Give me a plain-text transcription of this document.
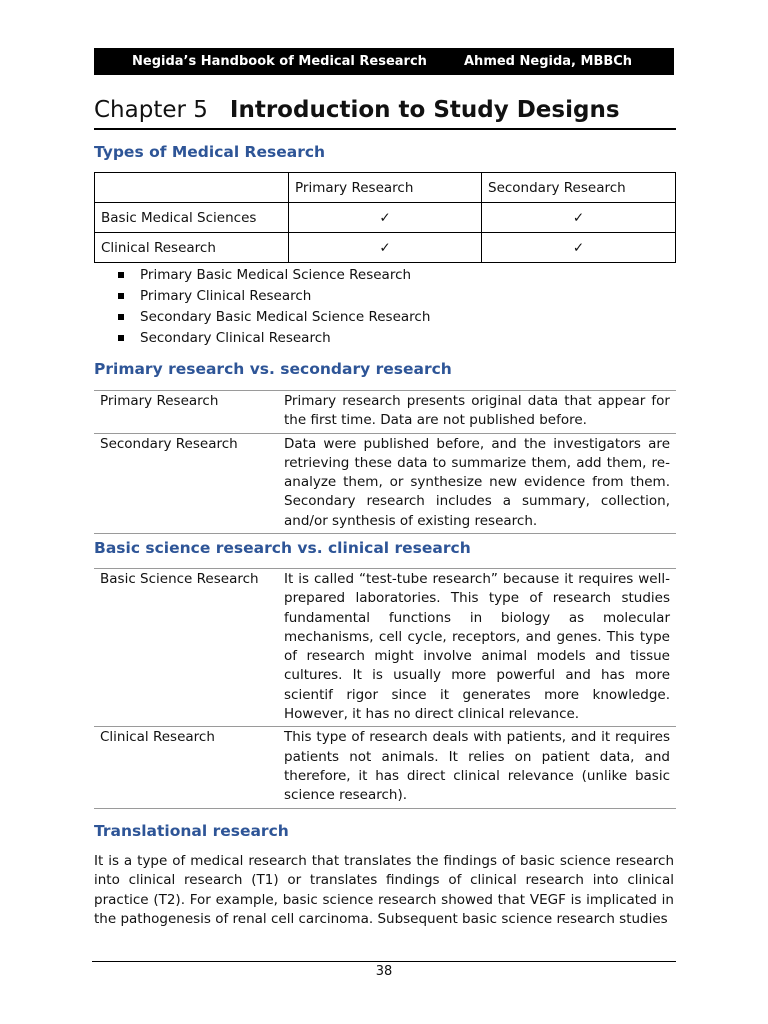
Negida’s Handbook of Medical Research	Ahmed Negida, MBBCh
Chapter 5 Introduction to Study Designs
Types of Medical Research
	Primary Research	Secondary Research
Basic Medical Sciences	✓	✓
Clinical Research	✓	✓
Primary Basic Medical Science Research
Primary Clinical Research
Secondary Basic Medical Science Research
Secondary Clinical Research
Primary research vs. secondary research
Primary Research	Primary research presents original data that appear for the first time. Data are not published before.
Secondary Research	Data were published before, and the investigators are retrieving these data to summarize them, add them, re-analyze them, or synthesize new evidence from them. Secondary research includes a summary, collection, and/or synthesis of existing research.
Basic science research vs. clinical research
Basic Science Research	It is called “test-tube research” because it requires well-prepared laboratories. This type of research studies fundamental functions in biology as molecular mechanisms, cell cycle, receptors, and genes. This type of research might involve animal models and tissue cultures. It is usually more powerful and has more scientif rigor since it generates more knowledge. However, it has no direct clinical relevance.
Clinical Research	This type of research deals with patients, and it requires patients not animals. It relies on patient data, and therefore, it has direct clinical relevance (unlike basic science research).
Translational research

It is a type of medical research that translates the findings of basic science research into clinical research (T1) or translates findings of clinical research into clinical practice (T2). For example, basic science research showed that VEGF is implicated in the pathogenesis of renal cell carcinoma. Subsequent basic science research studies

38
